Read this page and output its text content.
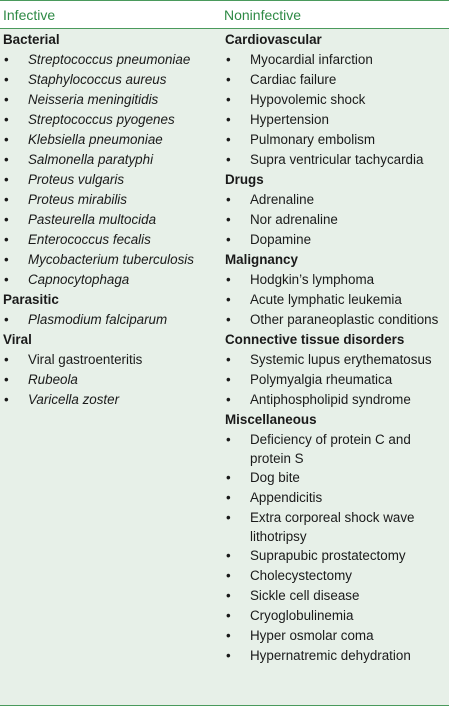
Infective	Noninfective
Bacterial
• Streptococcus pneumoniae
• Staphylococcus aureus
• Neisseria meningitidis
• Streptococcus pyogenes
• Klebsiella pneumoniae
• Salmonella paratyphi
• Proteus vulgaris
• Proteus mirabilis
• Pasteurella multocida
• Enterococcus fecalis
• Mycobacterium tuberculosis
• Capnocytophaga
Parasitic
• Plasmodium falciparum
Viral
• Viral gastroenteritis
• Rubeola
• Varicella zoster
Cardiovascular
• Myocardial infarction
• Cardiac failure
• Hypovolemic shock
• Hypertension
• Pulmonary embolism
• Supra ventricular tachycardia
Drugs
• Adrenaline
• Nor adrenaline
• Dopamine
Malignancy
• Hodgkin’s lymphoma
• Acute lymphatic leukemia
• Other paraneoplastic conditions
Connective tissue disorders
• Systemic lupus erythematosus
• Polymyalgia rheumatica
• Antiphospholipid syndrome
Miscellaneous
• Deficiency of protein C and protein S
• Dog bite
• Appendicitis
• Extra corporeal shock wave lithotripsy
• Suprapubic prostatectomy
• Cholecystectomy
• Sickle cell disease
• Cryoglobulinemia
• Hyper osmolar coma
• Hypernatremic dehydration
